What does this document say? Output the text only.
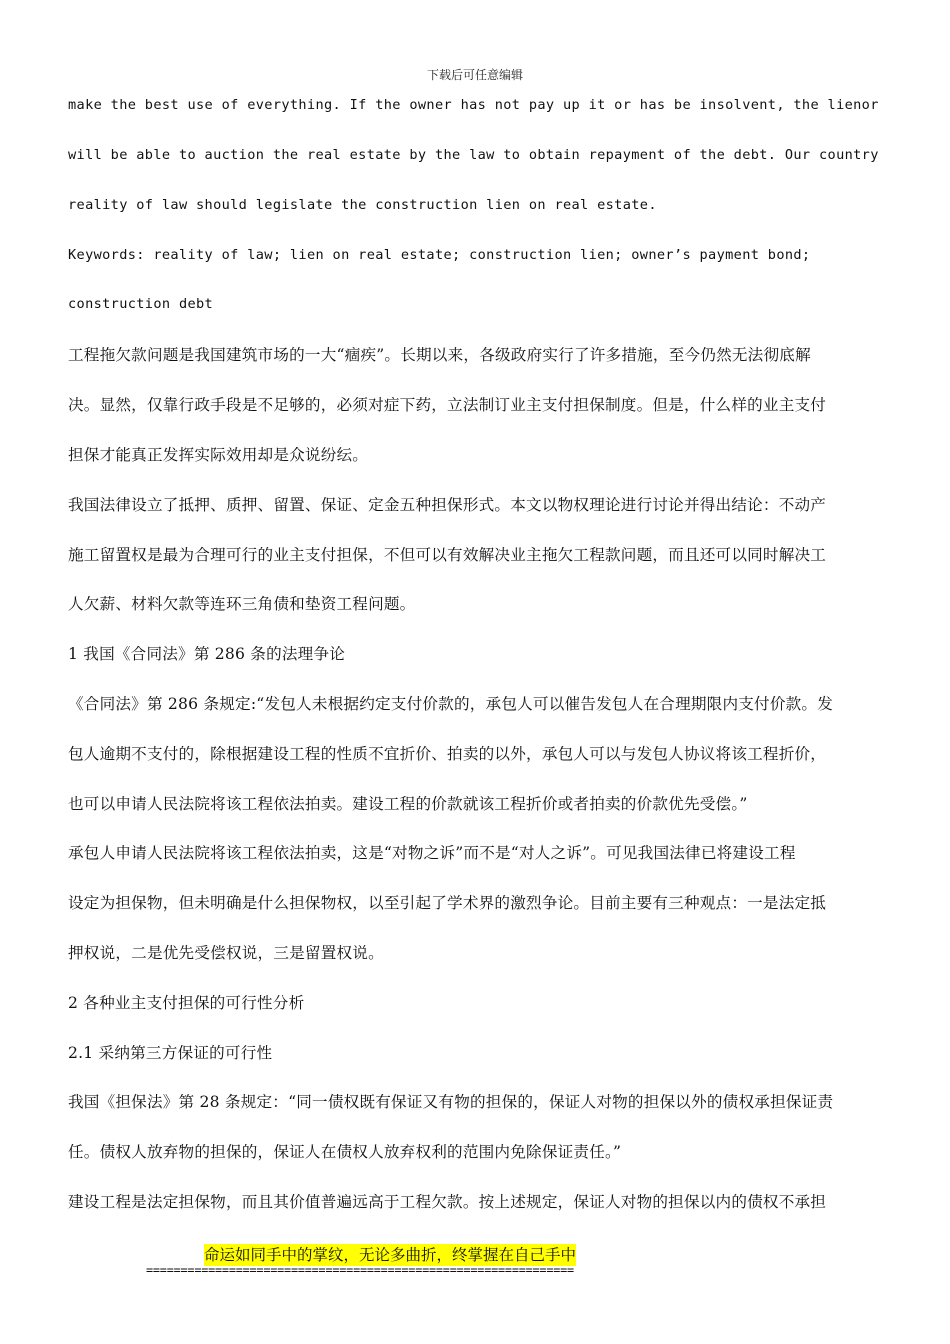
下载后可任意编辑
make the best use of everything. If the owner has not pay up it or has be insolvent, the lienor
will be able to auction the real estate by the law to obtain repayment of the debt. Our country
reality of law should legislate the construction lien on real estate.
Keywords: reality of law; lien on real estate; construction lien; owner’s payment bond;
construction debt
工程拖欠款问题是我国建筑市场的一大“痼疾”。长期以来，各级政府实行了许多措施，至今仍然无法彻底解
决。显然，仅靠行政手段是不足够的，必须对症下药，立法制订业主支付担保制度。但是，什么样的业主支付
担保才能真正发挥实际效用却是众说纷纭。
我国法律设立了抵押、质押、留置、保证、定金五种担保形式。本文以物权理论进行讨论并得出结论：不动产
施工留置权是最为合理可行的业主支付担保，不但可以有效解决业主拖欠工程款问题，而且还可以同时解决工
人欠薪、材料欠款等连环三角债和垫资工程问题。
1 我国《合同法》第 286 条的法理争论
《合同法》第 286 条规定:“发包人未根据约定支付价款的，承包人可以催告发包人在合理期限内支付价款。发
包人逾期不支付的，除根据建设工程的性质不宜折价、拍卖的以外，承包人可以与发包人协议将该工程折价，
也可以申请人民法院将该工程依法拍卖。建设工程的价款就该工程折价或者拍卖的价款优先受偿。”
承包人申请人民法院将该工程依法拍卖，这是“对物之诉”而不是“对人之诉”。可见我国法律已将建设工程
设定为担保物，但未明确是什么担保物权，以至引起了学术界的激烈争论。目前主要有三种观点：一是法定抵
押权说，二是优先受偿权说，三是留置权说。
2 各种业主支付担保的可行性分析
2.1 采纳第三方保证的可行性
我国《担保法》第 28 条规定：“同一债权既有保证又有物的担保的，保证人对物的担保以外的债权承担保证责
任。债权人放弃物的担保的，保证人在债权人放弃权利的范围内免除保证责任。”
建设工程是法定担保物，而且其价值普遍远高于工程欠款。按上述规定，保证人对物的担保以内的债权不承担
命运如同手中的掌纹，无论多曲折，终掌握在自己手中
==============================================================
